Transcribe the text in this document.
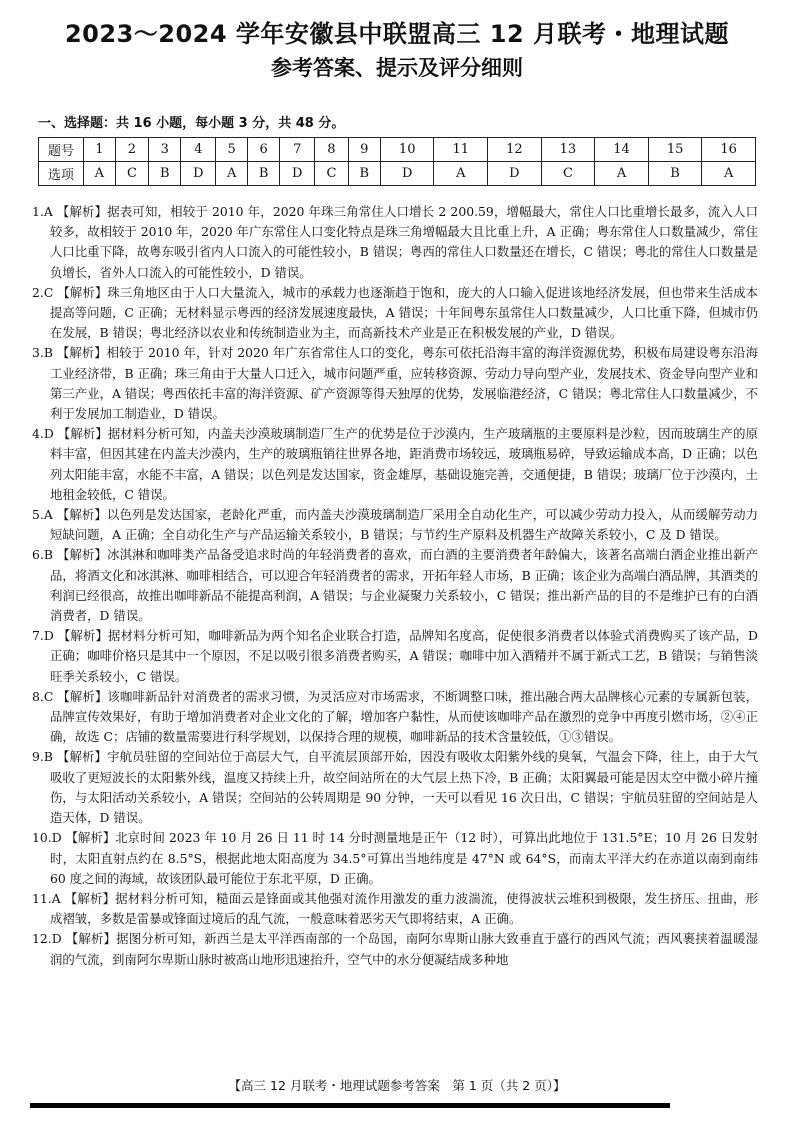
2023～2024 学年安徽县中联盟高三 12 月联考・地理试题
参考答案、提示及评分细则
一、选择题：共 16 小题，每小题 3 分，共 48 分。
题号	1	2	3	4	5	6	7	8	9	10	11	12	13	14	15	16
选项	A	C	B	D	A	B	D	C	B	D	A	D	C	A	B	A

1.A 【解析】据表可知，相较于 2010 年，2020 年珠三角常住人口增长 2 200.59，增幅最大，常住人口比重增长最多，流入人口较多，故相较于 2010 年，2020 年广东常住人口变化特点是珠三角增幅最大且比重上升，A 正确；粤东常住人口数量减少，常住人口比重下降，故粤东吸引省内人口流入的可能性较小，B 错误；粤西的常住人口数量还在增长，C 错误；粤北的常住人口数量是负增长，省外人口流入的可能性较小，D 错误。

2.C 【解析】珠三角地区由于人口大量流入，城市的承载力也逐渐趋于饱和，庞大的人口输入促进该地经济发展，但也带来生活成本提高等问题，C 正确；无材料显示粤西的经济发展速度最快，A 错误；十年间粤东虽常住人口数量减少，人口比重下降，但城市仍在发展，B 错误；粤北经济以农业和传统制造业为主，而高新技术产业是正在积极发展的产业，D 错误。

3.B 【解析】相较于 2010 年，针对 2020 年广东省常住人口的变化，粤东可依托沿海丰富的海洋资源优势，积极布局建设粤东沿海工业经济带，B 正确；珠三角由于大量人口迁入，城市问题严重，应转移资源、劳动力导向型产业，发展技术、资金导向型产业和第三产业，A 错误；粤西依托丰富的海洋资源、矿产资源等得天独厚的优势，发展临港经济，C 错误；粤北常住人口数量减少，不利于发展加工制造业，D 错误。

4.D 【解析】据材料分析可知，内盖夫沙漠玻璃制造厂生产的优势是位于沙漠内，生产玻璃瓶的主要原料是沙粒，因而玻璃生产的原料丰富，但因其建在内盖夫沙漠内，生产的玻璃瓶销往世界各地，距消费市场较远，玻璃瓶易碎，导致运输成本高，D 正确；以色列太阳能丰富，水能不丰富，A 错误；以色列是发达国家，资金雄厚，基础设施完善，交通便捷，B 错误；玻璃厂位于沙漠内，土地租金较低，C 错误。

5.A 【解析】以色列是发达国家，老龄化严重，而内盖夫沙漠玻璃制造厂采用全自动化生产，可以减少劳动力投入，从而缓解劳动力短缺问题，A 正确；全自动化生产与产品运输关系较小，B 错误；与节约生产原料及机器生产故障关系较小，C 及 D 错误。

6.B 【解析】冰淇淋和咖啡类产品备受追求时尚的年轻消费者的喜欢，而白酒的主要消费者年龄偏大，该著名高端白酒企业推出新产品，将酒文化和冰淇淋、咖啡相结合，可以迎合年轻消费者的需求，开拓年轻人市场，B 正确；该企业为高端白酒品牌，其酒类的利润已经很高，故推出咖啡新品不能提高利润，A 错误；与企业凝聚力关系较小，C 错误；推出新产品的目的不是维护已有的白酒消费者，D 错误。

7.D 【解析】据材料分析可知，咖啡新品为两个知名企业联合打造，品牌知名度高，促使很多消费者以体验式消费购买了该产品，D 正确；咖啡价格只是其中一个原因，不足以吸引很多消费者购买，A 错误；咖啡中加入酒精并不属于新式工艺，B 错误；与销售淡旺季关系较小，C 错误。

8.C 【解析】该咖啡新品针对消费者的需求习惯，为灵活应对市场需求，不断调整口味，推出融合两大品牌核心元素的专属新包装，品牌宣传效果好，有助于增加消费者对企业文化的了解，增加客户黏性，从而使该咖啡产品在激烈的竞争中再度引燃市场，②④正确，故选 C；店铺的数量需要进行科学规划，以保持合理的规模，咖啡新品的技术含量较低，①③错误。

9.B 【解析】宇航员驻留的空间站位于高层大气，自平流层顶部开始，因没有吸收太阳紫外线的臭氧，气温会下降，往上，由于大气吸收了更短波长的太阳紫外线，温度又持续上升，故空间站所在的大气层上热下冷，B 正确；太阳翼最可能是因太空中微小碎片撞伤，与太阳活动关系较小，A 错误；空间站的公转周期是 90 分钟，一天可以看见 16 次日出，C 错误；宇航员驻留的空间站是人造天体，D 错误。

10.D 【解析】北京时间 2023 年 10 月 26 日 11 时 14 分时测量地是正午（12 时），可算出此地位于 131.5°E；10 月 26 日发射时，太阳直射点约在 8.5°S，根据此地太阳高度为 34.5°可算出当地纬度是 47°N 或 64°S，而南太平洋大约在赤道以南到南纬 60 度之间的海域，故该团队最可能位于东北平原，D 正确。

11.A 【解析】据材料分析可知，糙面云是锋面或其他强对流作用激发的重力波湍流，使得波状云堆积到极限，发生挤压、扭曲，形成褶皱，多数是雷暴或锋面过境后的乱气流，一般意味着恶劣天气即将结束，A 正确。

12.D 【解析】据图分析可知，新西兰是太平洋西南部的一个岛国，南阿尔卑斯山脉大致垂直于盛行的西风气流；西风裹挟着温暖湿润的气流，到南阿尔卑斯山脉时被高山地形迅速抬升，空气中的水分便凝结成多种地

【高三 12 月联考・地理试题参考答案　第 1 页（共 2 页）】
